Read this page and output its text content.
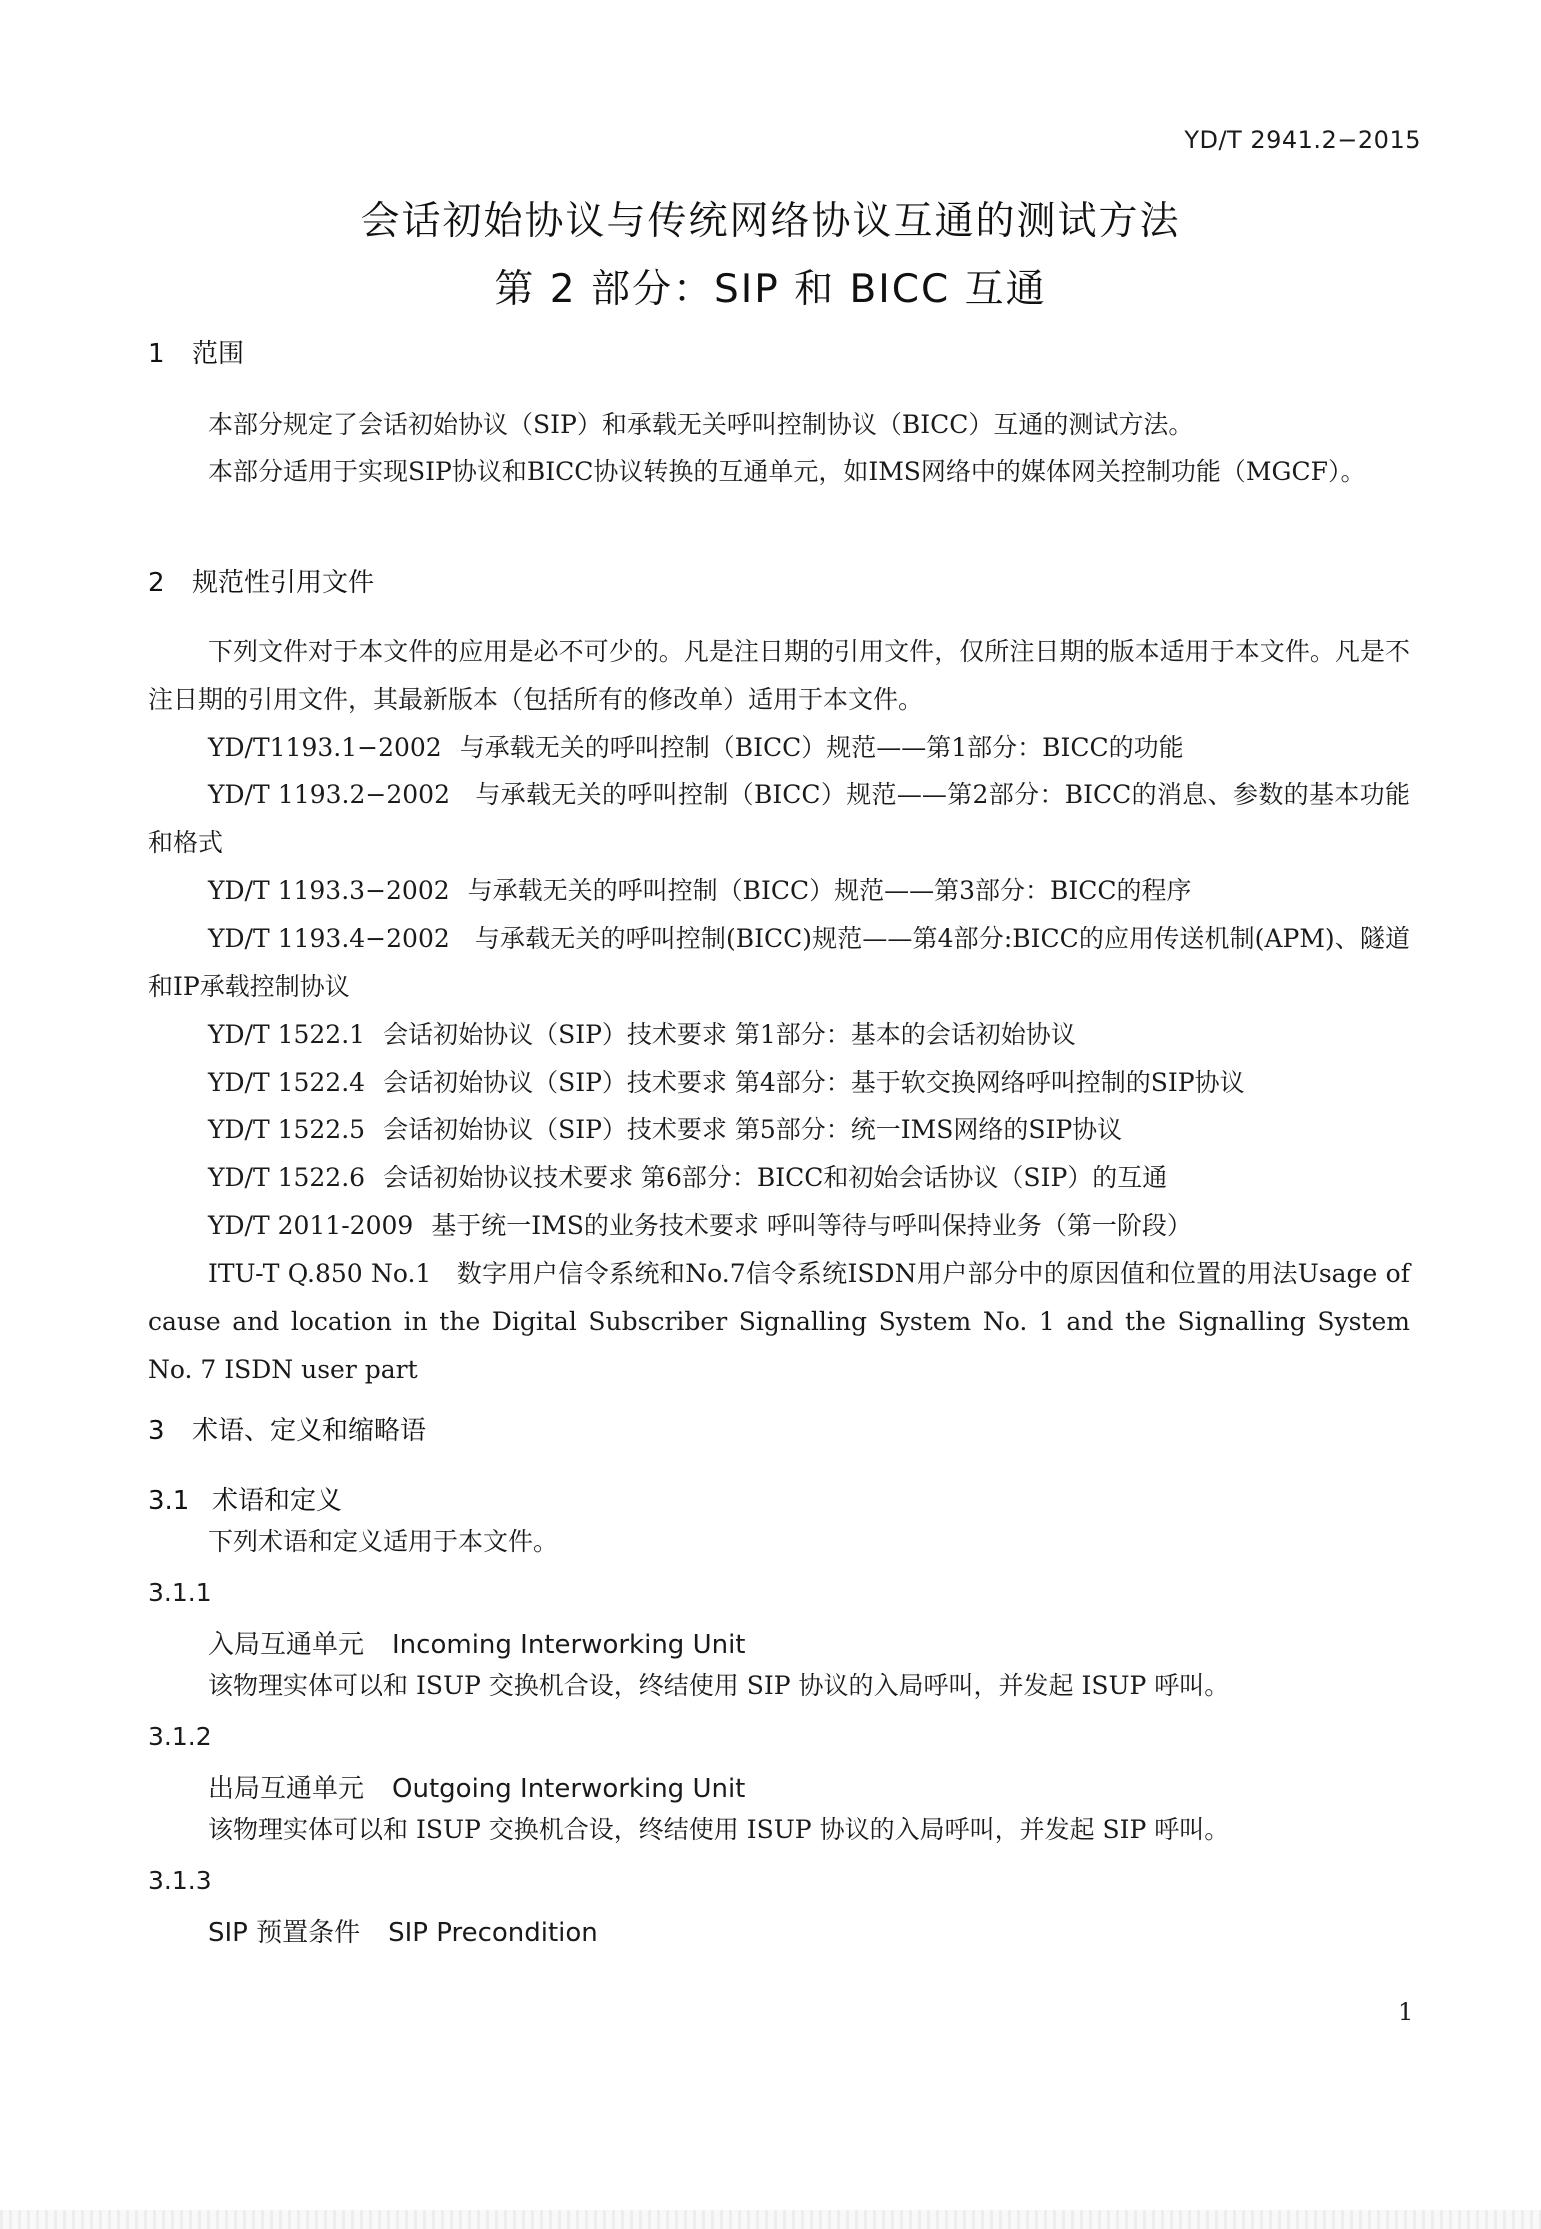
YD/T 2941.2−2015
会话初始协议与传统网络协议互通的测试方法
第 2 部分：SIP 和 BICC 互通
1 范围
本部分规定了会话初始协议（SIP）和承载无关呼叫控制协议（BICC）互通的测试方法。
本部分适用于实现SIP协议和BICC协议转换的互通单元，如IMS网络中的媒体网关控制功能（MGCF）。
2 规范性引用文件
下列文件对于本文件的应用是必不可少的。凡是注日期的引用文件，仅所注日期的版本适用于本文件。凡是不注日期的引用文件，其最新版本（包括所有的修改单）适用于本文件。
YD/T1193.1−2002 与承载无关的呼叫控制（BICC）规范——第1部分：BICC的功能
YD/T 1193.2−2002  与承载无关的呼叫控制（BICC）规范——第2部分：BICC的消息、参数的基本功能和格式
YD/T 1193.3−2002 与承载无关的呼叫控制（BICC）规范——第3部分：BICC的程序
YD/T 1193.4−2002  与承载无关的呼叫控制(BICC)规范——第4部分:BICC的应用传送机制(APM)、隧道和IP承载控制协议
YD/T 1522.1 会话初始协议（SIP）技术要求 第1部分：基本的会话初始协议
YD/T 1522.4 会话初始协议（SIP）技术要求 第4部分：基于软交换网络呼叫控制的SIP协议
YD/T 1522.5 会话初始协议（SIP）技术要求 第5部分：统一IMS网络的SIP协议
YD/T 1522.6 会话初始协议技术要求 第6部分：BICC和初始会话协议（SIP）的互通
YD/T 2011-2009 基于统一IMS的业务技术要求 呼叫等待与呼叫保持业务（第一阶段）
ITU-T Q.850 No.1  数字用户信令系统和No.7信令系统ISDN用户部分中的原因值和位置的用法Usage of cause and location in the Digital Subscriber Signalling System No. 1 and the Signalling System No. 7 ISDN user part
3 术语、定义和缩略语
3.1 术语和定义
下列术语和定义适用于本文件。
3.1.1
入局互通单元 Incoming Interworking Unit
该物理实体可以和 ISUP 交换机合设，终结使用 SIP 协议的入局呼叫，并发起 ISUP 呼叫。
3.1.2
出局互通单元 Outgoing Interworking Unit
该物理实体可以和 ISUP 交换机合设，终结使用 ISUP 协议的入局呼叫，并发起 SIP 呼叫。
3.1.3
SIP 预置条件 SIP Precondition
1
